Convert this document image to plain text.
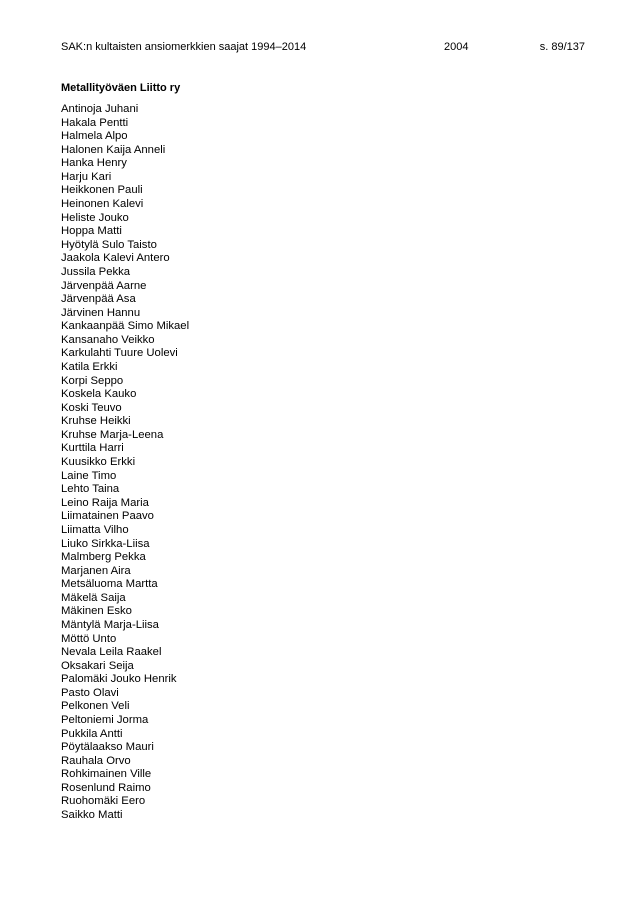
SAK:n kultaisten ansiomerkkien saajat 1994–2014	2004	s. 89/137
Metallityöväen Liitto ry
Antinoja Juhani
Hakala Pentti
Halmela Alpo
Halonen Kaija Anneli
Hanka Henry
Harju Kari
Heikkonen Pauli
Heinonen Kalevi
Heliste Jouko
Hoppa Matti
Hyötylä Sulo Taisto
Jaakola Kalevi Antero
Jussila Pekka
Järvenpää Aarne
Järvenpää Asa
Järvinen Hannu
Kankaanpää Simo Mikael
Kansanaho Veikko
Karkulahti Tuure Uolevi
Katila Erkki
Korpi Seppo
Koskela Kauko
Koski Teuvo
Kruhse Heikki
Kruhse Marja-Leena
Kurttila Harri
Kuusikko Erkki
Laine Timo
Lehto Taina
Leino Raija Maria
Liimatainen Paavo
Liimatta Vilho
Liuko Sirkka-Liisa
Malmberg Pekka
Marjanen Aira
Metsäluoma Martta
Mäkelä Saija
Mäkinen Esko
Mäntylä Marja-Liisa
Möttö Unto
Nevala Leila Raakel
Oksakari Seija
Palomäki Jouko Henrik
Pasto Olavi
Pelkonen Veli
Peltoniemi Jorma
Pukkila Antti
Pöytälaakso Mauri
Rauhala Orvo
Rohkimainen Ville
Rosenlund Raimo
Ruohomäki Eero
Saikko Matti
